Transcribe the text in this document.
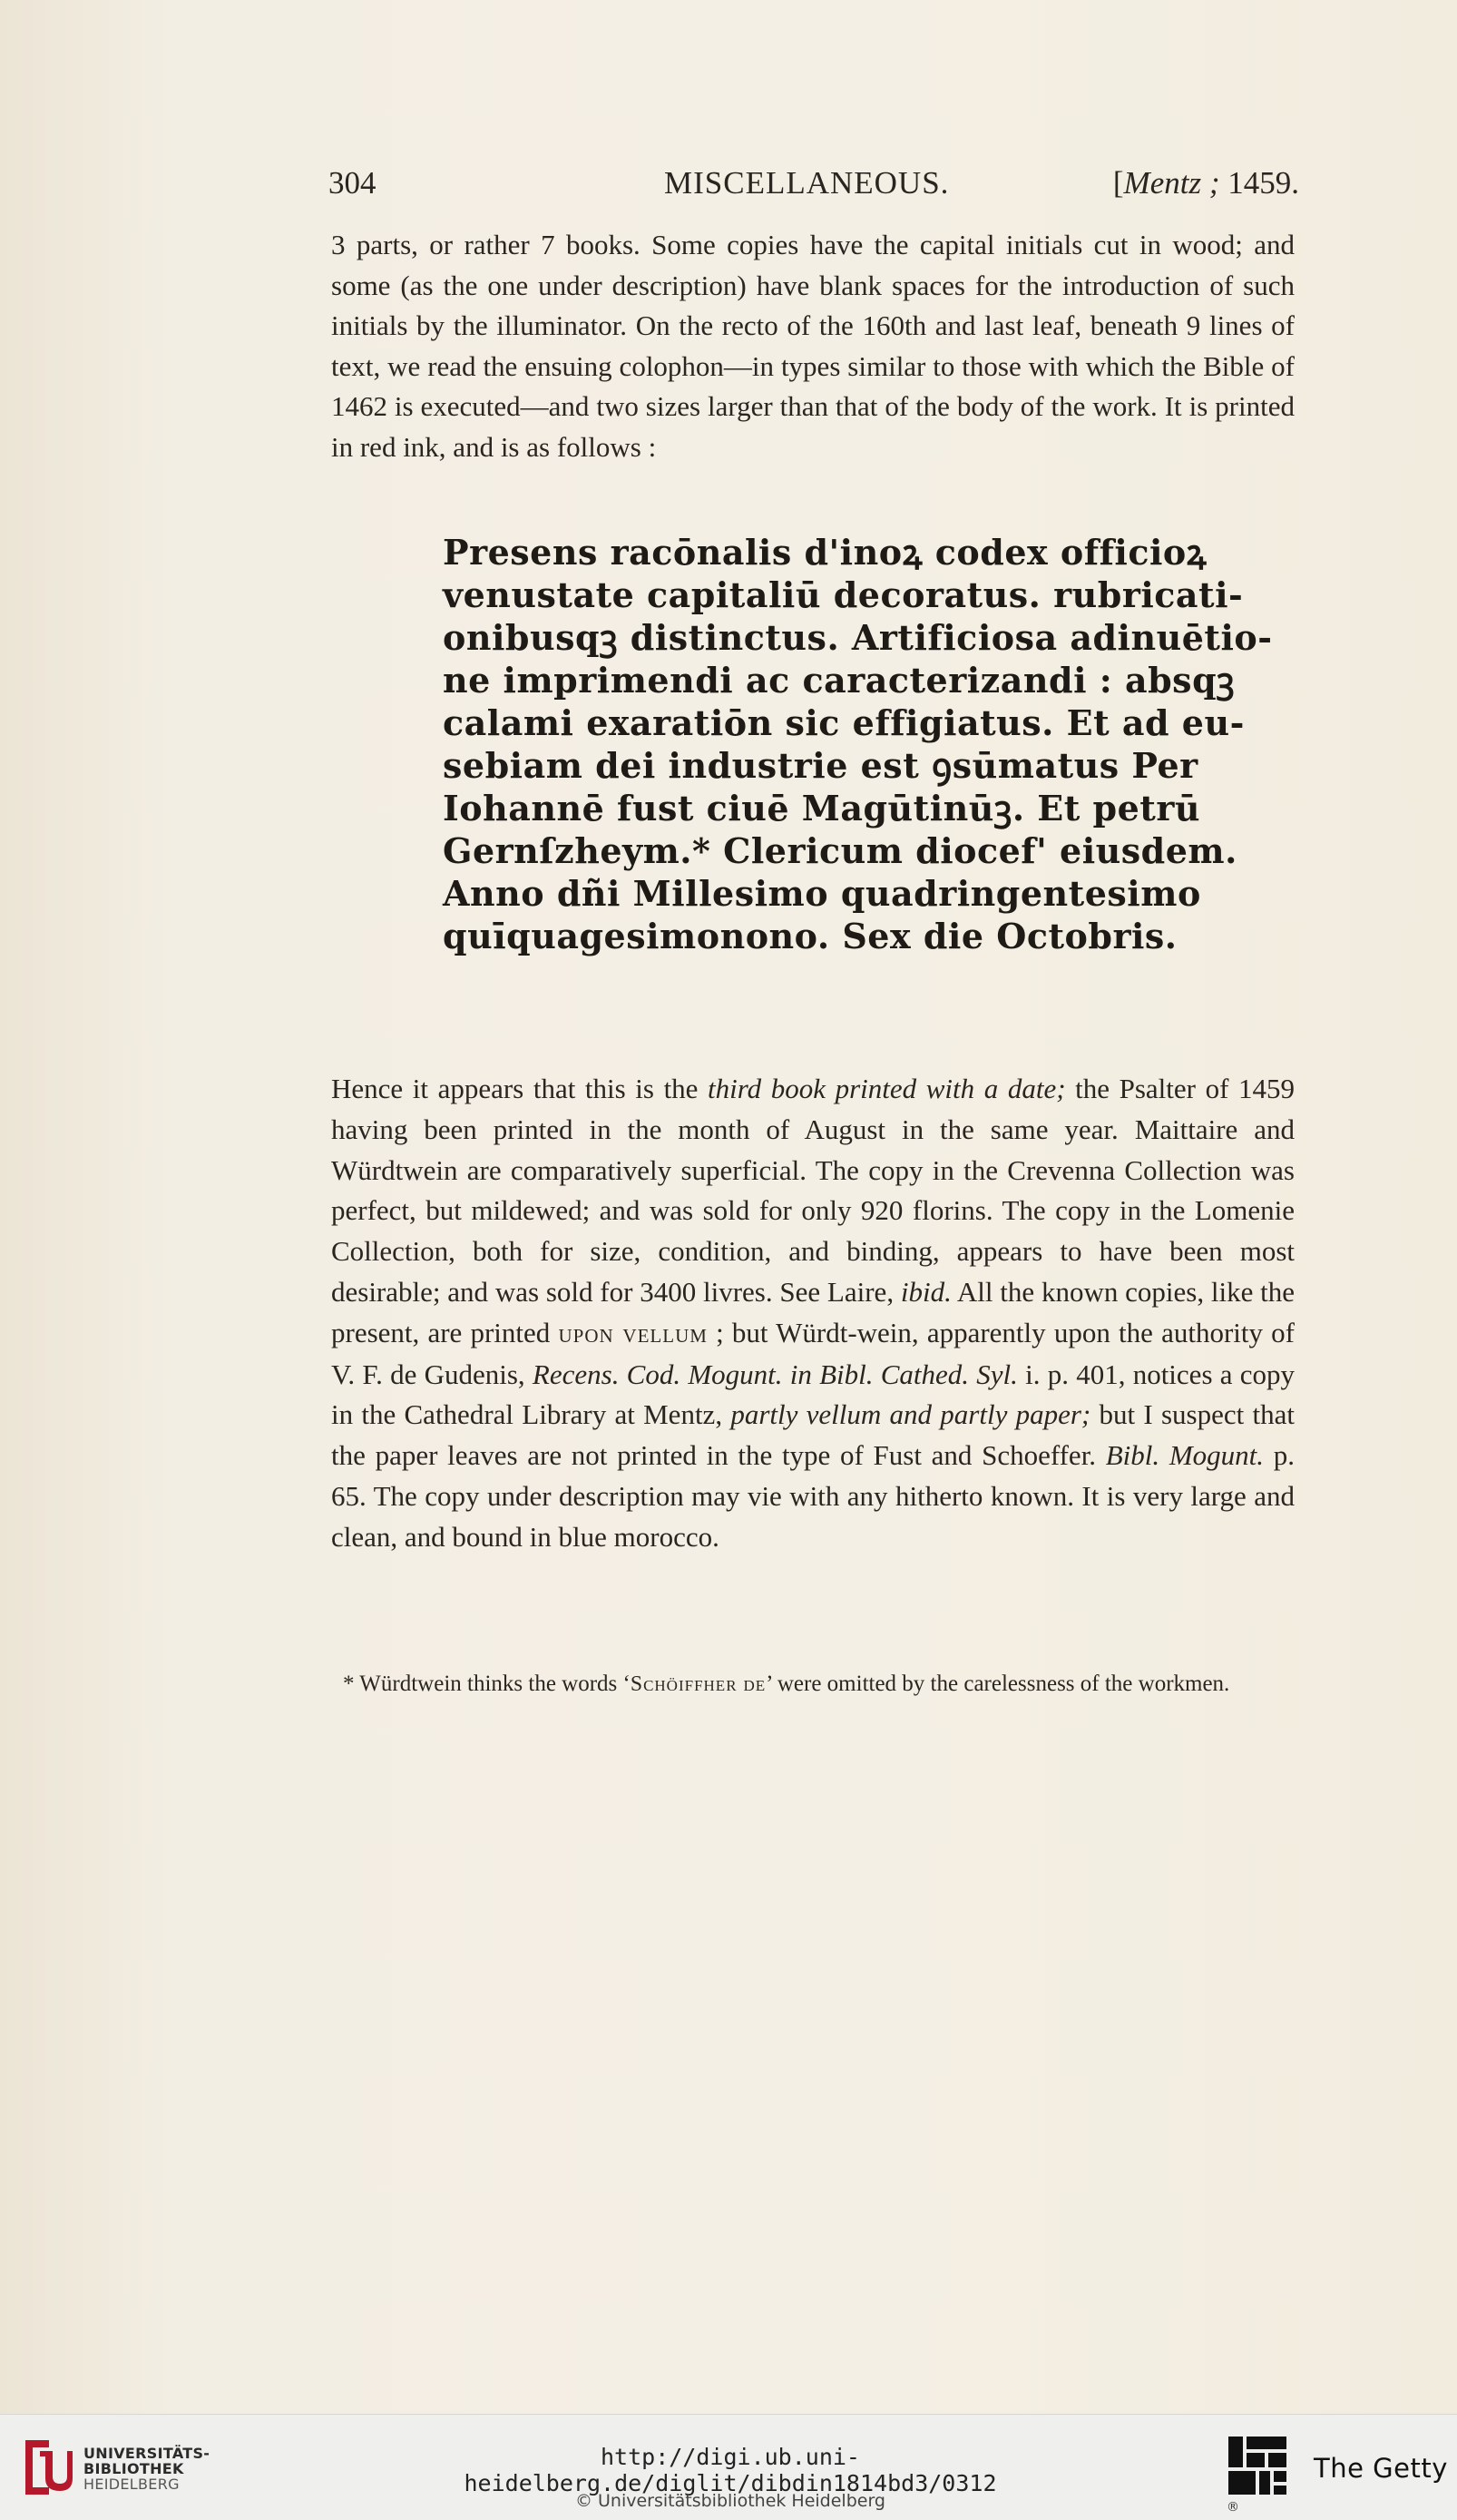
304	MISCELLANEOUS.	[Mentz ; 1459.
3 parts, or rather 7 books. Some copies have the capital initials cut in wood; and some (as the one under description) have blank spaces for the introduction of such initials by the illuminator. On the recto of the 160th and last leaf, beneath 9 lines of text, we read the ensuing colophon—in types similar to those with which the Bible of 1462 is executed—and two sizes larger than that of the body of the work. It is printed in red ink, and is as follows :
Presens racōnalis d'inoꝝ codex officioꝝ
venustate capitaliū decoratus. rubricati-
onibusqꝫ distinctus. Artificiosa adinuētio-
ne imprimendi ac caracterizandi : absqꝫ
calami exaratiōn sic effigiatus. Et ad eu-
sebiam dei industrie est ꝯsūmatus Per
Iohannē fust ciuē Magūtinūꝫ. Et petrū
Gernſzheym.* Clericum diocef' eiusdem.
Anno dñi Millesimo quadringentesimo
quīquagesimonono. Sex die Octobris.
Hence it appears that this is the third book printed with a date; the Psalter of 1459 having been printed in the month of August in the same year. Maittaire and Würdtwein are comparatively superficial. The copy in the Crevenna Collection was perfect, but mildewed; and was sold for only 920 florins. The copy in the Lomenie Collection, both for size, condition, and binding, appears to have been most desirable; and was sold for 3400 livres. See Laire, ibid. All the known copies, like the present, are printed upon vellum ; but Würdt-wein, apparently upon the authority of V. F. de Gudenis, Recens. Cod. Mogunt. in Bibl. Cathed. Syl. i. p. 401, notices a copy in the Cathedral Library at Mentz, partly vellum and partly paper; but I suspect that the paper leaves are not printed in the type of Fust and Schoeffer. Bibl. Mogunt. p. 65. The copy under description may vie with any hitherto known. It is very large and clean, and bound in blue morocco.
* Würdtwein thinks the words ‘Schöiffher de’ were omitted by the carelessness of the workmen.
UNIVERSITÄTS-
BIBLIOTHEK
HEIDELBERG
http://digi.ub.uni-heidelberg.de/diglit/dibdin1814bd3/0312
© Universitätsbibliothek Heidelberg
The Getty
®
